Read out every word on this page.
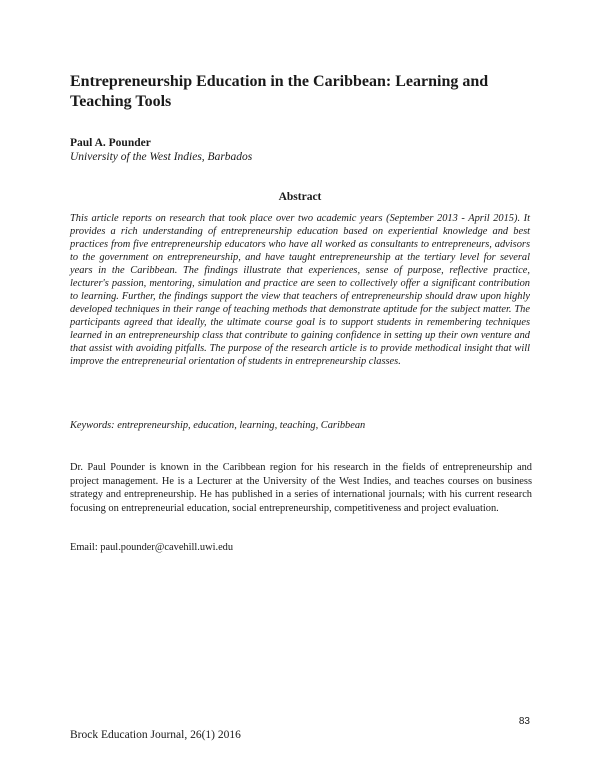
Entrepreneurship Education in the Caribbean: Learning and Teaching Tools
Paul A. Pounder
University of the West Indies, Barbados
Abstract

This article reports on research that took place over two academic years (September 2013 - April 2015). It provides a rich understanding of entrepreneurship education based on experiential knowledge and best practices from five entrepreneurship educators who have all worked as consultants to entrepreneurs, advisors to the government on entrepreneurship, and have taught entrepreneurship at the tertiary level for several years in the Caribbean. The findings illustrate that experiences, sense of purpose, reflective practice, lecturer's passion, mentoring, simulation and practice are seen to collectively offer a significant contribution to learning. Further, the findings support the view that teachers of entrepreneurship should draw upon highly developed techniques in their range of teaching methods that demonstrate aptitude for the subject matter. The participants agreed that ideally, the ultimate course goal is to support students in remembering techniques learned in an entrepreneurship class that contribute to gaining confidence in setting up their own venture and that assist with avoiding pitfalls. The purpose of the research article is to provide methodical insight that will improve the entrepreneurial orientation of students in entrepreneurship classes.

Keywords: entrepreneurship, education, learning, teaching, Caribbean

Dr. Paul Pounder is known in the Caribbean region for his research in the fields of entrepreneurship and project management. He is a Lecturer at the University of the West Indies, and teaches courses on business strategy and entrepreneurship. He has published in a series of international journals; with his current research focusing on entrepreneurial education, social entrepreneurship, competitiveness and project evaluation.

Email: paul.pounder@cavehill.uwi.edu
83
Brock Education Journal, 26(1) 2016
